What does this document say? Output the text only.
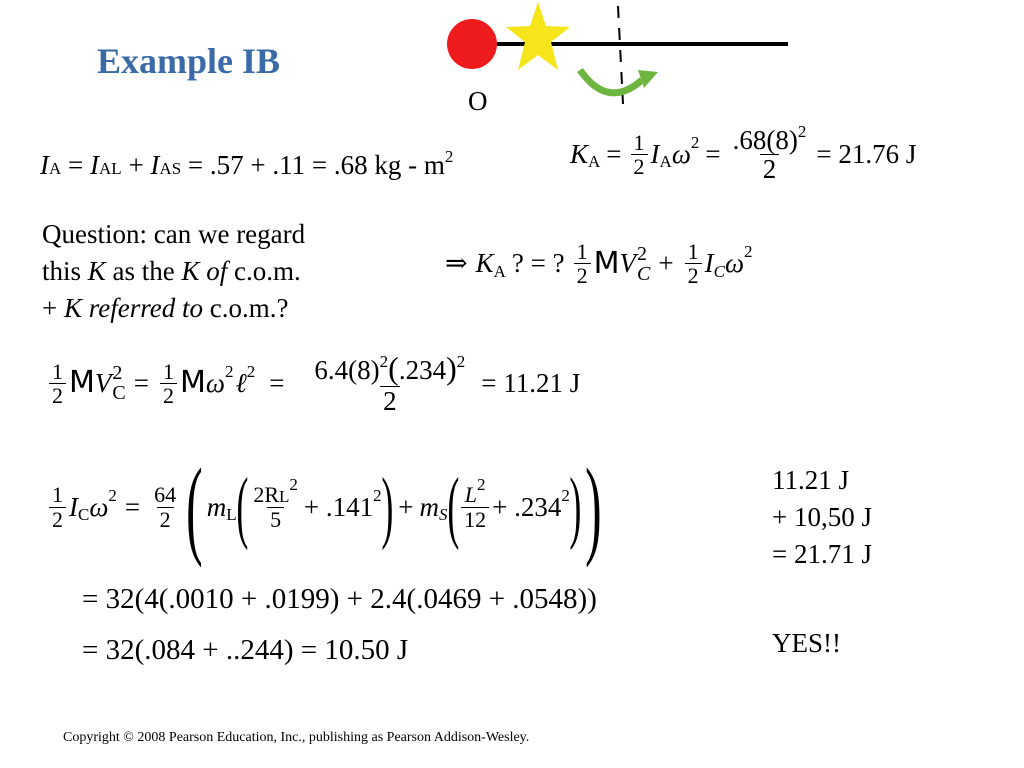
Example IB
O
IA = IAL + IAS = .57 + .11 = .68 kg - $m^2$	K $A = \frac{1}{2}$ I A ω $2 = \frac{.68(8)^2}{2} = 21.76$ J
Question: can we regard
this K as the K of c.o.m.
+ K referred to c.o.m.?
⇒ K A ? = ? $\frac{1}{2}$ M V 2
$C + \frac{1}{2}$ I C ω 2
$\frac{1}{2}$ M V 2
$C = \frac{1}{2}$ M ω 2 ℓ $2 = \frac{6.4(8)^2(.234)^2}{2} = 11.21$ J
$\frac{1}{2}$ I C ω $2 = \frac{64}{2}$ ( m L ( $\frac{2RL^2}{5} + .141$ 2 ) + m S ( $\frac{L^2}{12} + .234$ 2 ) )
= 32(4(.0010 + .0199) + 2.4(.0469 + .0548))
= 32(.084 + ..244) = 10.50 J
11.21 J
+ 10,50 J
= 21.71 J
YES!!
Copyright © 2008 Pearson Education, Inc., publishing as Pearson Addison-Wesley.
